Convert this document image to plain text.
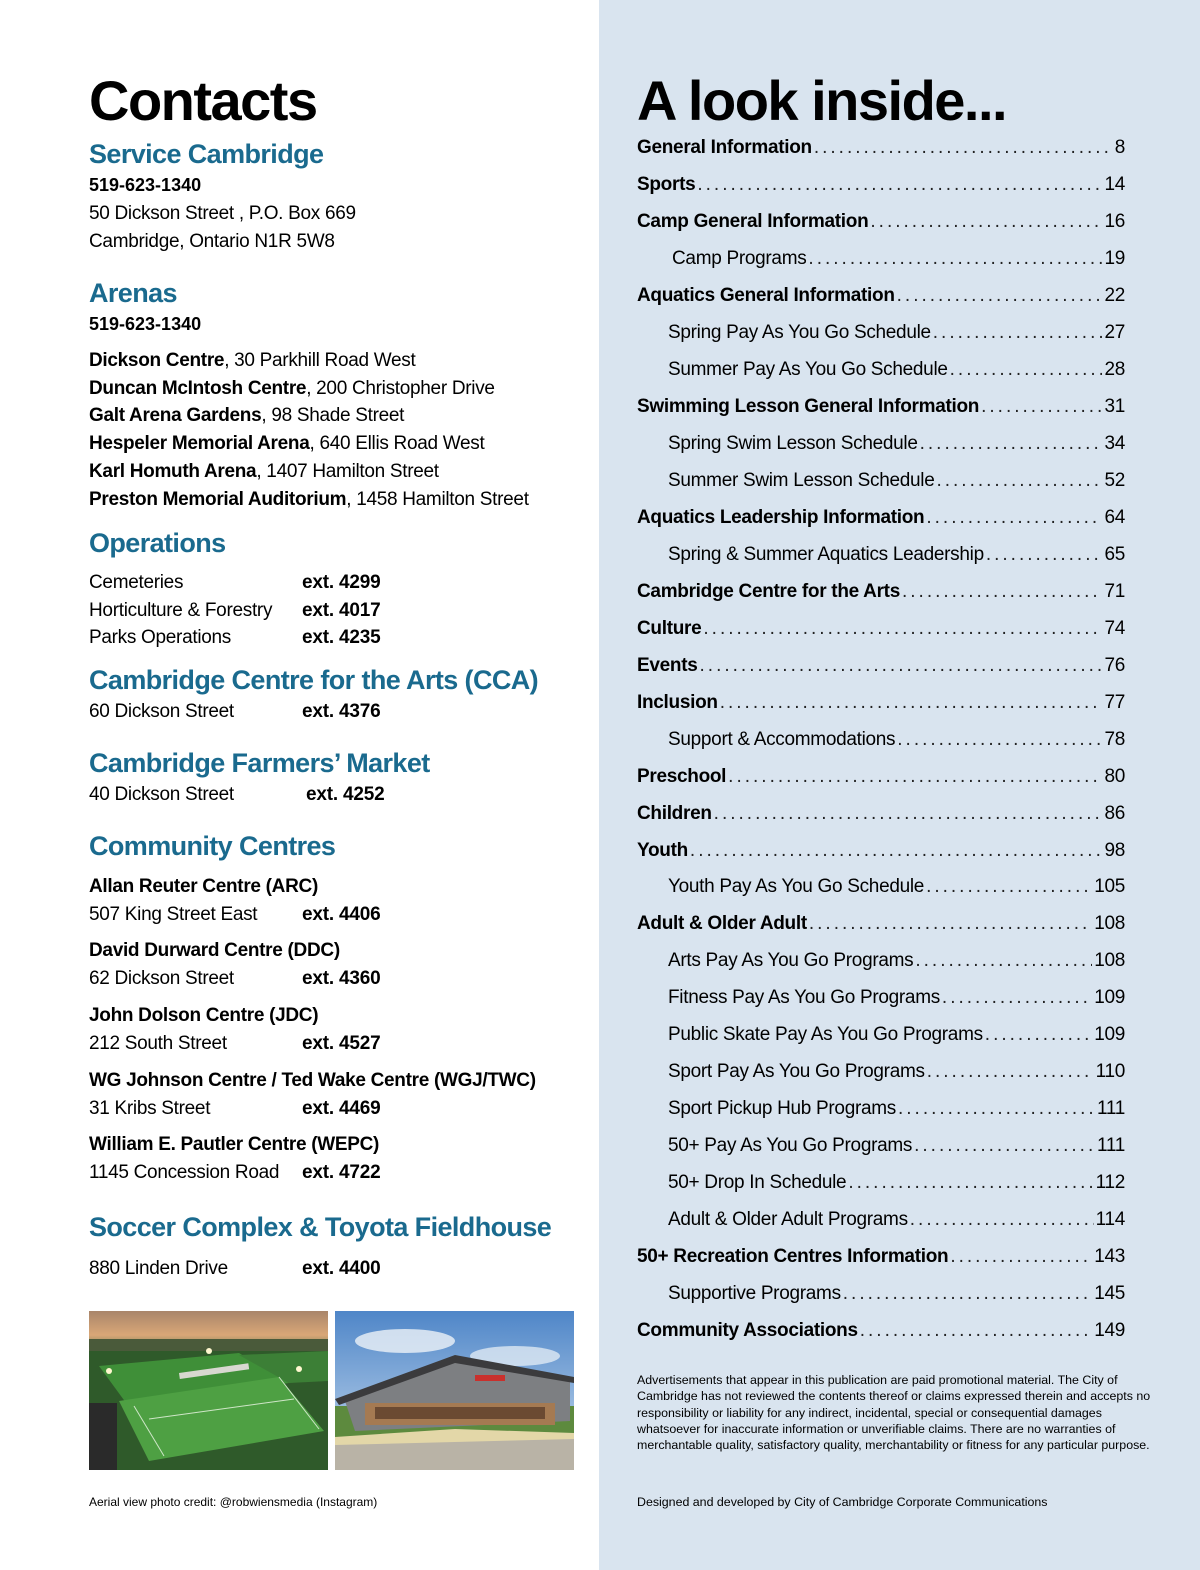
Contacts
Service Cambridge
519-623-1340
50 Dickson Street , P.O. Box 669
Cambridge, Ontario N1R 5W8
Arenas
519-623-1340
Dickson Centre, 30 Parkhill Road West
Duncan McIntosh Centre, 200 Christopher Drive
Galt Arena Gardens, 98 Shade Street
Hespeler Memorial Arena, 640 Ellis Road West
Karl Homuth Arena, 1407 Hamilton Street
Preston Memorial Auditorium, 1458 Hamilton Street
Operations
Cemeteries	ext. 4299
Horticulture & Forestry ext. 4017
Parks Operations	ext. 4235
Cambridge Centre for the Arts (CCA)
60 Dickson Street	ext. 4376
Cambridge Farmers’ Market
40 Dickson Street	ext. 4252
Community Centres
Allan Reuter Centre (ARC)
507 King Street East ext. 4406
David Durward Centre (DDC)
62 Dickson Street	ext. 4360
John Dolson Centre (JDC)
212 South Street	ext. 4527
WG Johnson Centre / Ted Wake Centre (WGJ/TWC)
31 Kribs Street	ext. 4469
William E. Pautler Centre (WEPC)
1145 Concession Road ext. 4722
Soccer Complex & Toyota Fieldhouse
880 Linden Drive	ext. 4400
Aerial view photo credit: @robwiensmedia (Instagram)
A look inside...
General Information .....	8
Sports .....	14
Camp General Information .....	16
Camp Programs .....	19
Aquatics General Information .....	22
Spring Pay As You Go Schedule .....	27
Summer Pay As You Go Schedule .....	28
Swimming Lesson General Information .....	31
Spring Swim Lesson Schedule .....	34
Summer Swim Lesson Schedule .....	52
Aquatics Leadership Information .....	64
Spring & Summer Aquatics Leadership .....	65
Cambridge Centre for the Arts .....	71
Culture .....	74
Events .....	76
Inclusion .....	77
Support & Accommodations .....	78
Preschool .....	80
Children .....	86
Youth .....	98
Youth Pay As You Go Schedule .....	105
Adult & Older Adult .....	108
Arts Pay As You Go Programs .....	108
Fitness Pay As You Go Programs .....	109
Public Skate Pay As You Go Programs .....	109
Sport Pay As You Go Programs .....	110
Sport Pickup Hub Programs .....	111
50+ Pay As You Go Programs .....	111
50+ Drop In Schedule .....	112
Adult & Older Adult Programs .....	114
50+ Recreation Centres Information .....	143
Supportive Programs .....	145
Community Associations .....	149

Advertisements that appear in this publication are paid promotional material. The City of Cambridge has not reviewed the contents thereof or claims expressed therein and accepts no responsibility or liability for any indirect, incidental, special or consequential damages whatsoever for inaccurate information or unverifiable claims. There are no warranties of merchantable quality, satisfactory quality, merchantability or fitness for any particular purpose.

Designed and developed by City of Cambridge Corporate Communications
